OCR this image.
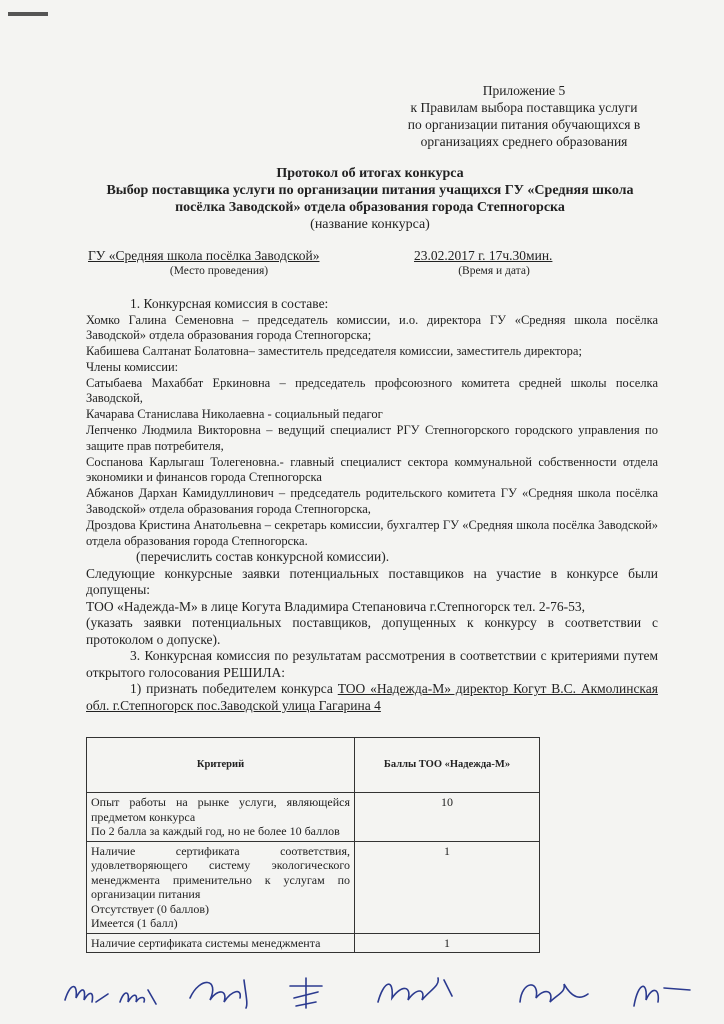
Приложение 5
к Правилам выбора поставщика услуги
по организации питания обучающихся в
организациях среднего образования
Протокол об итогах конкурса
Выбор поставщика услуги по организации питания учащихся ГУ «Средняя школа
посёлка Заводской» отдела образования города Степногорска
(название конкурса)
ГУ «Средняя школа посёлка Заводской»
(Место проведения)
23.02.2017 г. 17ч.30мин.
(Время и дата)

1. Конкурсная комиссия в составе:

Хомко Галина Семеновна – председатель комиссии, и.о. директора ГУ «Средняя школа посёлка Заводской» отдела образования города Степногорска;

Кабишева Салтанат Болатовна– заместитель председателя комиссии, заместитель директора;

Члены комиссии:

Сатыбаева Махаббат Еркиновна – председатель профсоюзного комитета средней школы поселка Заводской,

Качарава Станислава Николаевна - социальный педагог

Лепченко Людмила Викторовна – ведущий специалист РГУ Степногорского городского управления по защите прав потребителя,

Соспанова Карлыгаш Толегеновна.- главный специалист сектора коммунальной собственности отдела экономики и финансов города Степногорска

Абжанов Дархан Камидуллинович – председатель родительского комитета ГУ «Средняя школа посёлка Заводской» отдела образования города Степногорска,

Дроздова Кристина Анатольевна – секретарь комиссии, бухгалтер ГУ «Средняя школа посёлка Заводской» отдела образования города Степногорска.

(перечислить состав конкурсной комиссии).

Следующие конкурсные заявки потенциальных поставщиков на участие в конкурсе были допущены:

ТОО «Надежда-М» в лице Когута Владимира Степановича г.Степногорск тел. 2-76-53,

(указать заявки потенциальных поставщиков, допущенных к конкурсу в соответствии с протоколом о допуске).

3. Конкурсная комиссия по результатам рассмотрения в соответствии с критериями путем открытого голосования РЕШИЛА:

1) признать победителем конкурса ТОО «Надежда-М» директор Когут В.С. Акмолинская обл. г.Степногорск пос.Заводской улица Гагарина 4

Критерий	Баллы ТОО «Надежда-М»

Опыт работы на рынке услуги, являющейся предметом конкурса
По 2 балла за каждый год, но не более 10 баллов	10

Наличие сертификата соответствия, удовлетворяющего систему экологического менеджмента применительно к услугам по организации питания
Отсутствует (0 баллов)
Имеется (1 балл)	1

Наличие сертификата системы менеджмента	1
